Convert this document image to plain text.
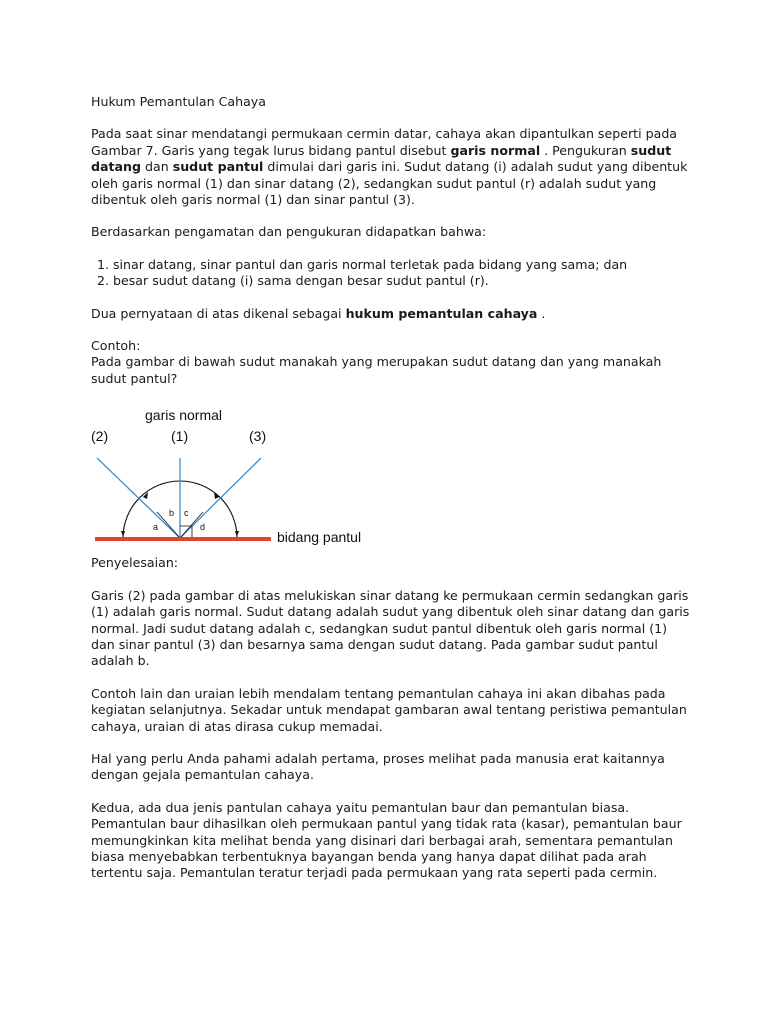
Hukum Pemantulan Cahaya
Pada saat sinar mendatangi permukaan cermin datar, cahaya akan dipantulkan seperti pada Gambar 7. Garis yang tegak lurus bidang pantul disebut garis normal . Pengukuran sudut datang dan sudut pantul dimulai dari garis ini. Sudut datang (i) adalah sudut yang dibentuk oleh garis normal (1) dan sinar datang (2), sedangkan sudut pantul (r) adalah sudut yang dibentuk oleh garis normal (1) dan sinar pantul (3).
Berdasarkan pengamatan dan pengukuran didapatkan bahwa:
1. sinar datang, sinar pantul dan garis normal terletak pada bidang yang sama; dan
2. besar sudut datang (i) sama dengan besar sudut pantul (r).
Dua pernyataan di atas dikenal sebagai hukum pemantulan cahaya .
Contoh:
Pada gambar di bawah sudut manakah yang merupakan sudut datang dan yang manakah sudut pantul?
Penyelesaian:
Garis (2) pada gambar di atas melukiskan sinar datang ke permukaan cermin sedangkan garis (1) adalah garis normal. Sudut datang adalah sudut yang dibentuk oleh sinar datang dan garis normal. Jadi sudut datang adalah c, sedangkan sudut pantul dibentuk oleh garis normal (1) dan sinar pantul (3) dan besarnya sama dengan sudut datang. Pada gambar sudut pantul adalah b.
Contoh lain dan uraian lebih mendalam tentang pemantulan cahaya ini akan dibahas pada kegiatan selanjutnya. Sekadar untuk mendapat gambaran awal tentang peristiwa pemantulan cahaya, uraian di atas dirasa cukup memadai.
Hal yang perlu Anda pahami adalah pertama, proses melihat pada manusia erat kaitannya dengan gejala pemantulan cahaya.
Kedua, ada dua jenis pantulan cahaya yaitu pemantulan baur dan pemantulan biasa. Pemantulan baur dihasilkan oleh permukaan pantul yang tidak rata (kasar), pemantulan baur memungkinkan kita melihat benda yang disinari dari berbagai arah, sementara pemantulan biasa menyebabkan terbentuknya bayangan benda yang hanya dapat dilihat pada arah tertentu saja. Pemantulan teratur terjadi pada permukaan yang rata seperti pada cermin.
garis normal
(2)	(1)	(3)
b c
a	d
bidang pantul
